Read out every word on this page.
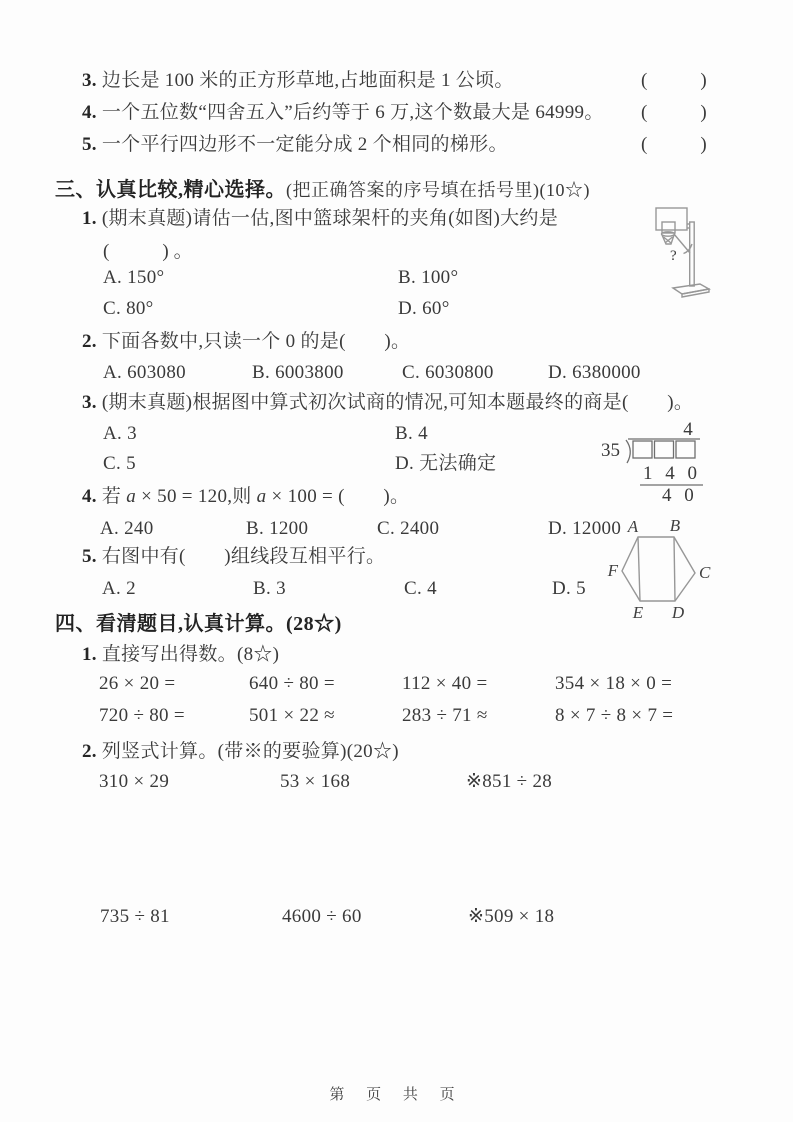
3. 边长是 100 米的正方形草地,占地面积是 1 公顷。	(　　)
4. 一个五位数“四舍五入”后约等于 6 万,这个数最大是 64999。 (　　)
5. 一个平行四边形不一定能分成 2 个相同的梯形。	(　　)
三、认真比较,精心选择。(把正确答案的序号填在括号里)(10☆)
1. (期末真题)请估一估,图中篮球架杆的夹角(如图)大约是
(　　)。
A. 150°	B. 100°
C. 80°	D. 60°
?
2. 下面各数中,只读一个 0 的是(　　)。
A. 603080	B. 6003800	C. 6030800	D. 6380000
3. (期末真题)根据图中算式初次试商的情况,可知本题最终的商是(　　)。
A. 3	B. 4
C. 5	D. 无法确定
4
35
1 4 0
4 0
4. 若 a × 50 = 120,则 a × 100 = (　　)。
A. 240	B. 1200	C. 2400	D. 12000
5. 右图中有(　　)组线段互相平行。
A. 2	B. 3	C. 4	D. 5
A B
C
D
E
F
四、看清题目,认真计算。(28☆)
1. 直接写出得数。(8☆)
26 × 20 =	640 ÷ 80 =	112 × 40 =	354 × 18 × 0 =
720 ÷ 80 =	501 × 22 ≈	283 ÷ 71 ≈	8 × 7 ÷ 8 × 7 =
2. 列竖式计算。(带※的要验算)(20☆)
310 × 29	53 × 168	※851 ÷ 28
735 ÷ 81	4600 ÷ 60	※509 × 18
第 页 共 页
